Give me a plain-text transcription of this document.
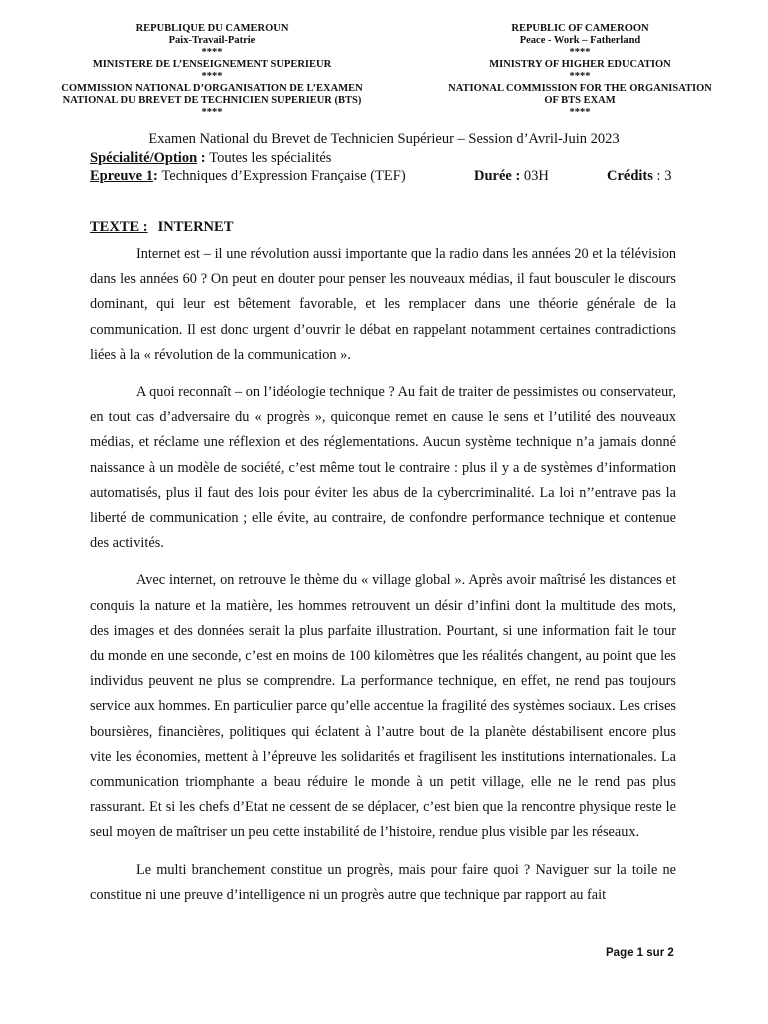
REPUBLIQUE DU CAMEROUN
Paix-Travail-Patrie
****
MINISTERE DE L’ENSEIGNEMENT SUPERIEUR
****
COMMISSION NATIONAL D’ORGANISATION DE L’EXAMEN
NATIONAL DU BREVET DE TECHNICIEN SUPERIEUR (BTS)
****
REPUBLIC OF CAMEROON
Peace - Work – Fatherland
****
MINISTRY OF HIGHER EDUCATION
****
NATIONAL COMMISSION FOR THE ORGANISATION
OF BTS EXAM
****
Examen National du Brevet de Technicien Supérieur – Session d’Avril-Juin 2023
Spécialité/Option : Toutes les spécialités
Epreuve 1: Techniques d’Expression Française (TEF)	Durée : 03H	Crédits : 3
TEXTE : INTERNET

Internet est – il une révolution aussi importante que la radio dans les années 20 et la télévision dans les années 60 ? On peut en douter pour penser les nouveaux médias, il faut bousculer le discours dominant, qui leur est bêtement favorable, et les remplacer dans une théorie générale de la communication. Il est donc urgent d’ouvrir le débat en rappelant notamment certaines contradictions liées à la « révolution de la communication ».

A quoi reconnaît – on l’idéologie technique ? Au fait de traiter de pessimistes ou conservateur, en tout cas d’adversaire du « progrès », quiconque remet en cause le sens et l’utilité des nouveaux médias, et réclame une réflexion et des réglementations. Aucun système technique n’a jamais donné naissance à un modèle de société, c’est même tout le contraire : plus il y a de systèmes d’information automatisés, plus il faut des lois pour éviter les abus de la cybercriminalité. La loi n’’entrave pas la liberté de communication ; elle évite, au contraire, de confondre performance technique et contenue des activités.

Avec internet, on retrouve le thème du « village global ». Après avoir maîtrisé les distances et conquis la nature et la matière, les hommes retrouvent un désir d’infini dont la multitude des mots, des images et des données serait la plus parfaite illustration. Pourtant, si une information fait le tour du monde en une seconde, c’est en moins de 100 kilomètres que les réalités changent, au point que les individus peuvent ne plus se comprendre. La performance technique, en effet, ne rend pas toujours service aux hommes. En particulier parce qu’elle accentue la fragilité des systèmes sociaux. Les crises boursières, financières, politiques qui éclatent à l’autre bout de la planète déstabilisent encore plus vite les économies, mettent à l’épreuve les solidarités et fragilisent les institutions internationales. La communication triomphante a beau réduire le monde à un petit village, elle ne le rend pas plus rassurant. Et si les chefs d’Etat ne cessent de se déplacer, c’est bien que la rencontre physique reste le seul moyen de maîtriser un peu cette instabilité de l’histoire, rendue plus visible par les réseaux.

Le multi branchement constitue un progrès, mais pour faire quoi ? Naviguer sur la toile ne constitue ni une preuve d’intelligence ni un progrès autre que technique par rapport au fait

Page 1 sur 2
